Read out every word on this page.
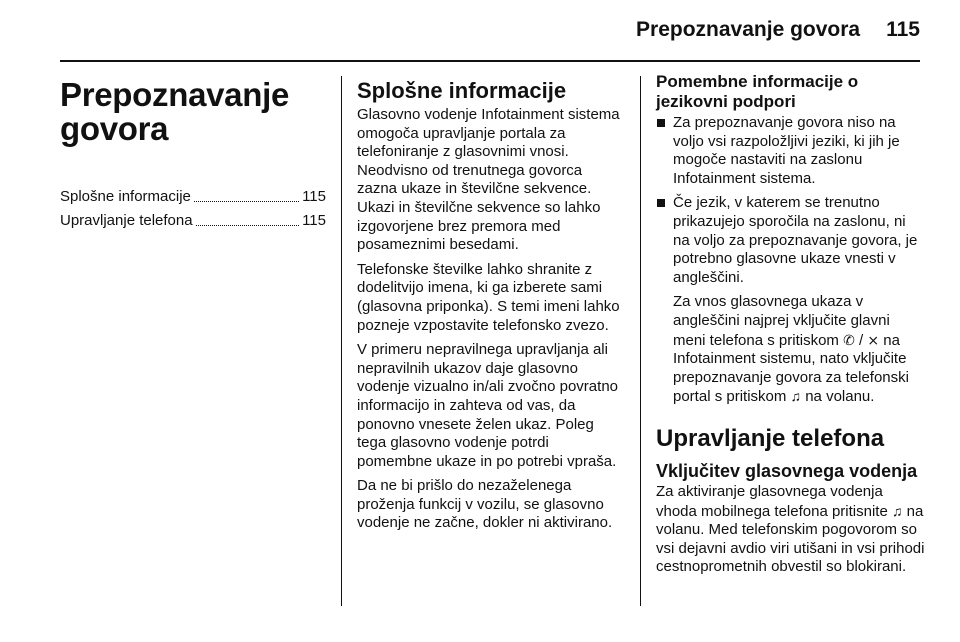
Prepoznavanje govora 115
Prepoznavanje
govora
Splošne informacije	115
Upravljanje telefona	115
Splošne informacije

Glasovno vodenje Infotainment sistema omogoča upravljanje portala za telefoniranje z glasovnimi vnosi. Neodvisno od trenutnega govorca zazna ukaze in številčne sekvence. Ukazi in številčne sekvence so lahko izgovorjene brez premora med posameznimi besedami.

Telefonske številke lahko shranite z dodelitvijo imena, ki ga izberete sami (glasovna priponka). S temi imeni lahko pozneje vzpostavite telefonsko zvezo.

V primeru nepravilnega upravljanja ali nepravilnih ukazov daje glasovno vodenje vizualno in/ali zvočno povratno informacijo in zahteva od vas, da ponovno vnesete želen ukaz. Poleg tega glasovno vodenje potrdi pomembne ukaze in po potrebi vpraša.

Da ne bi prišlo do nezaželenega proženja funkcij v vozilu, se glasovno vodenje ne začne, dokler ni aktivirano.

Pomembne informacije o
jezikovni podpori
Za prepoznavanje govora niso na voljo vsi razpoložljivi jeziki, ki jih je mogoče nastaviti na zaslonu Infotainment sistema.
Če jezik, v katerem se trenutno prikazujejo sporočila na zaslonu, ni na voljo za prepoznavanje govora, je potrebno glasovne ukaze vnesti v angleščini.

Za vnos glasovnega ukaza v angleščini najprej vključite glavni meni telefona s pritiskom ✆ / ⨯ na Infotainment sistemu, nato vključite prepoznavanje govora za telefonski portal s pritiskom ♫ na volanu.

Upravljanje telefona
Vključitev glasovnega vodenja

Za aktiviranje glasovnega vodenja vhoda mobilnega telefona pritisnite ♫ na volanu. Med telefonskim pogovorom so vsi dejavni avdio viri utišani in vsi prihodi cestnoprometnih obvestil so blokirani.
